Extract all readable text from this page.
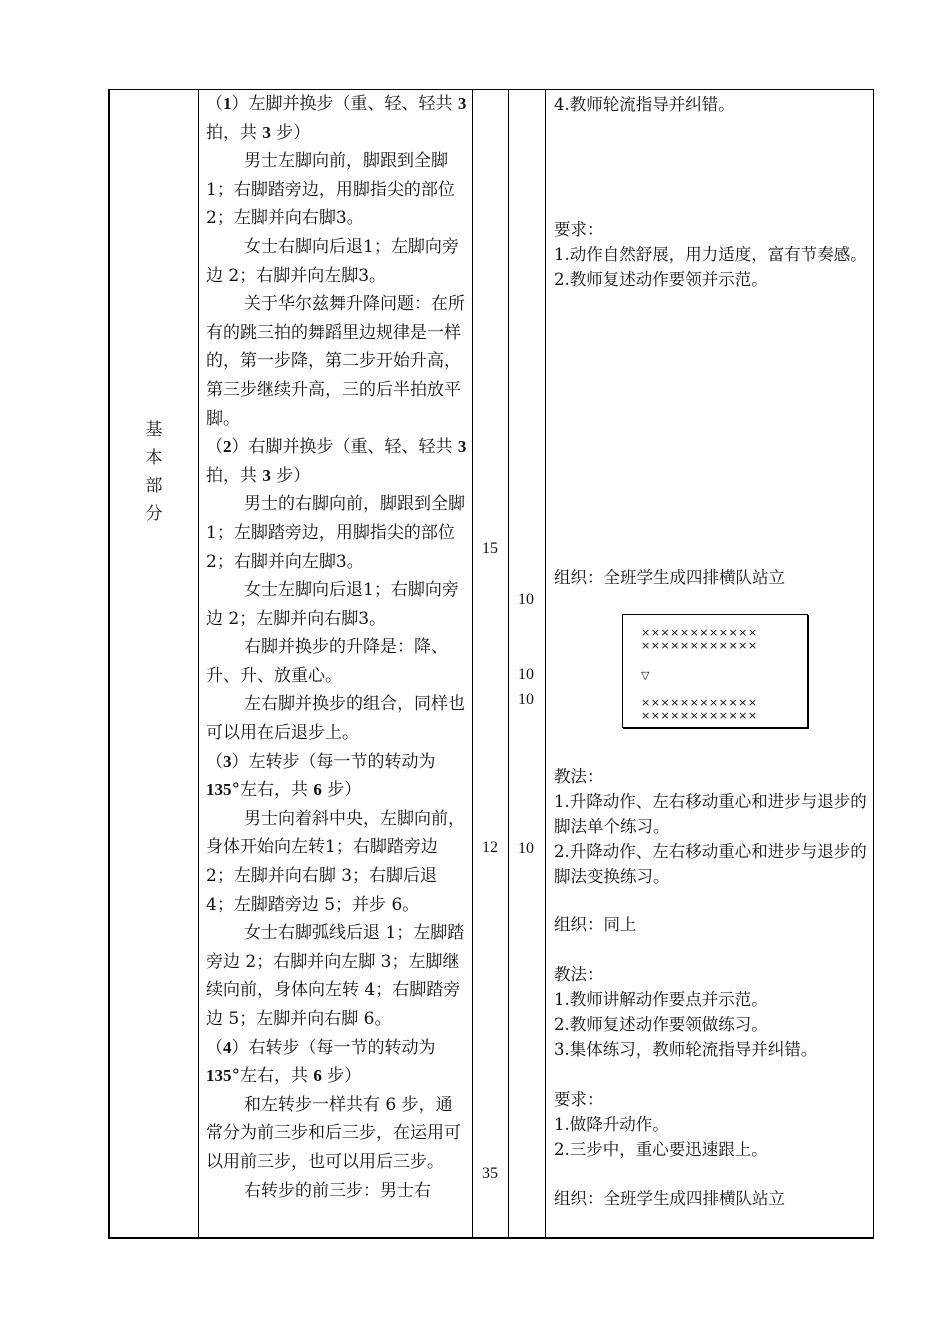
基
本
部
分

（1）左脚并换步（重、轻、轻共 3 拍，共 3 步）

男士左脚向前，脚跟到全脚 1；右脚踏旁边，用脚指尖的部位 2；左脚并向右脚3。

女士右脚向后退1；左脚向旁边 2；右脚并向左脚3。

关于华尔兹舞升降问题：在所有的跳三拍的舞蹈里边规律是一样的，第一步降，第二步开始升高，第三步继续升高，三的后半拍放平脚。

（2）右脚并换步（重、轻、轻共 3 拍，共 3 步）

男士的右脚向前，脚跟到全脚 1；左脚踏旁边，用脚指尖的部位 2；右脚并向左脚3。

女士左脚向后退1；右脚向旁边 2；左脚并向右脚3。

右脚并换步的升降是：降、升、升、放重心。

左右脚并换步的组合，同样也可以用在后退步上。

（3）左转步（每一节的转动为 135°左右，共 6 步）

男士向着斜中央，左脚向前，身体开始向左转1；右脚踏旁边 2；左脚并向右脚 3；右脚后退 4；左脚踏旁边 5；并步 6。

女士右脚弧线后退 1；左脚踏旁边 2；右脚并向左脚 3；左脚继续向前，身体向左转 4；右脚踏旁边 5；左脚并向右脚 6。

（4）右转步（每一节的转动为 135°左右，共 6 步）

和左转步一样共有 6 步，通常分为前三步和后三步，在运用可以用前三步，也可以用后三步。

右转步的前三步：男士右

15
12
35
10
10
10
10
4.教师轮流指导并纠错。
要求：
1.动作自然舒展，用力适度，富有节奏感。
2.教师复述动作要领并示范。
组织：全班学生成四排横队站立
教法：
1.升降动作、左右移动重心和进步与退步的脚法单个练习。
2.升降动作、左右移动重心和进步与退步的脚法变换练习。
组织：同上
教法：
1.教师讲解动作要点并示范。
2.教师复述动作要领做练习。
3.集体练习，教师轮流指导并纠错。
要求：
1.做降升动作。
2.三步中，重心要迅速跟上。
组织：全班学生成四排横队站立
××××××××××××
××××××××××××
▽
××××××××××××
××××××××××××
